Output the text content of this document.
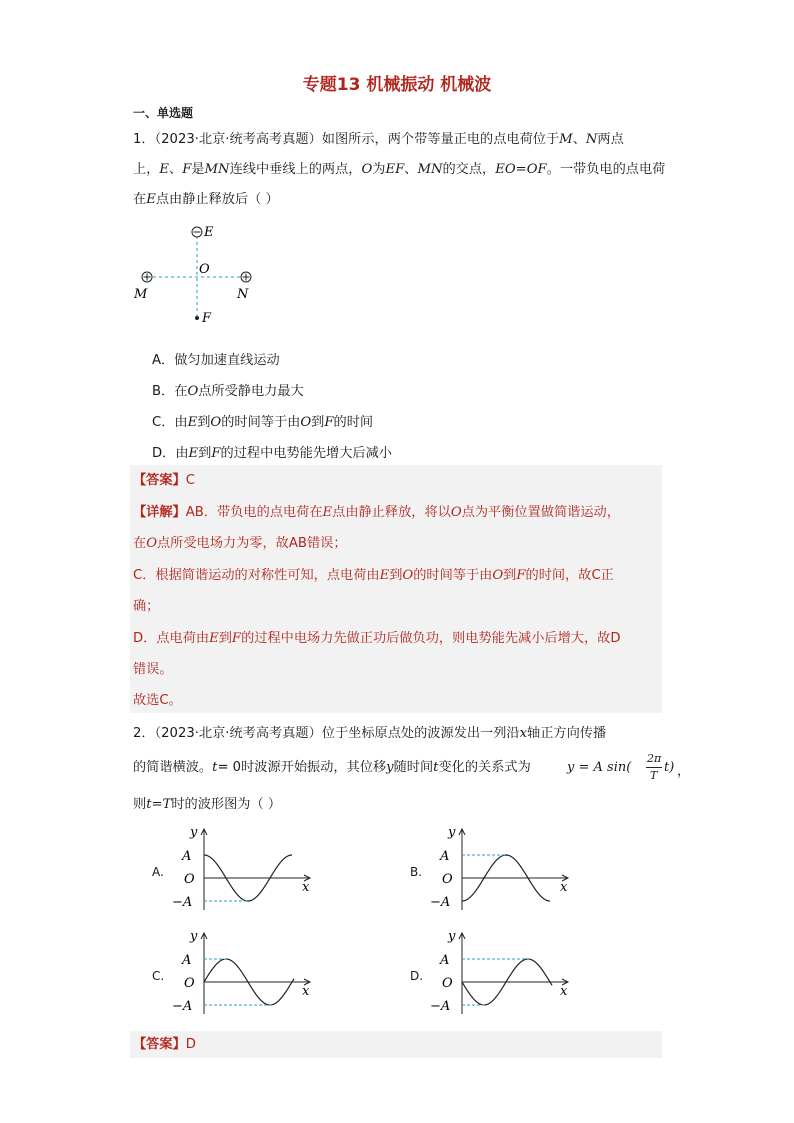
专题13 机械振动 机械波
一、单选题
1．（2023·北京·统考高考真题）如图所示，两个带等量正电的点电荷位于M、N两点
上，E、F是MN连线中垂线上的两点，O为EF、MN的交点，EO=OF。一带负电的点电荷
在E点由静止释放后（ ）
E
O
F
M	N
A．做匀加速直线运动
B．在O点所受静电力最大
C．由E到O的时间等于由O到F的时间
D．由E到F的过程中电势能先增大后减小
【答案】C
【详解】AB．带负电的点电荷在E点由静止释放，将以O点为平衡位置做简谐运动，
在O点所受电场力为零，故AB错误；
C．根据简谐运动的对称性可知，点电荷由E到O的时间等于由O到F的时间，故C正
确；
D．点电荷由E到F的过程中电场力先做正功后做负功，则电势能先减小后增大，故D
错误。
故选C。
2．（2023·北京·统考高考真题）位于坐标原点处的波源发出一列沿x轴正方向传播
的简谐横波。t= 0时波源开始振动，其位移y随时间t变化的关系式为	y = A sin(
2π
T
t) ，
则t=T时的波形图为（ ）
A.
y
x
A
O
−A
B.
y
x
A
O
−A
C.
y
x
A
O
−A
D.
y
x
A
O
−A
【答案】D
